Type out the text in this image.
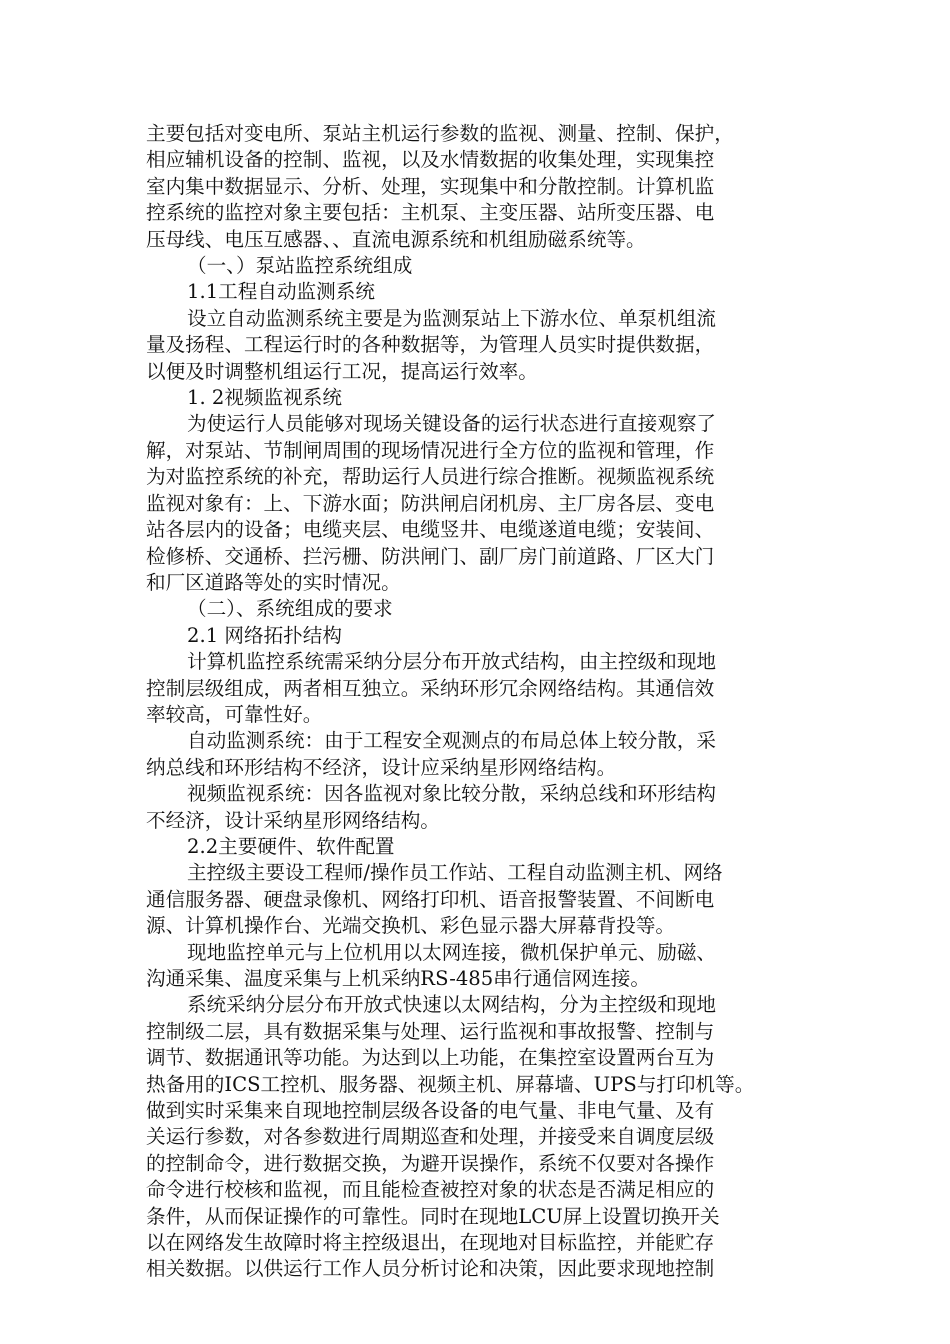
主要包括对变电所、泵站主机运行参数的监视、测量、控制、保护，
相应辅机设备的控制、监视，以及水情数据的收集处理，实现集控
室内集中数据显示、分析、处理，实现集中和分散控制。计算机监
控系统的监控对象主要包括：主机泵、主变压器、站所变压器、电
压母线、电压互感器、、直流电源系统和机组励磁系统等。

（一、）泵站监控系统组成

1.1工程自动监测系统

设立自动监测系统主要是为监测泵站上下游水位、单泵机组流
量及扬程、工程运行时的各种数据等，为管理人员实时提供数据，
以便及时调整机组运行工况，提高运行效率。

1. 2视频监视系统

为使运行人员能够对现场关键设备的运行状态进行直接观察了
解，对泵站、节制闸周围的现场情况进行全方位的监视和管理，作
为对监控系统的补充，帮助运行人员进行综合推断。视频监视系统
监视对象有：上、下游水面；防洪闸启闭机房、主厂房各层、变电
站各层内的设备；电缆夹层、电缆竖井、电缆遂道电缆；安装间、
检修桥、交通桥、拦污栅、防洪闸门、副厂房门前道路、厂区大门
和厂区道路等处的实时情况。

（二）、系统组成的要求

2.1 网络拓扑结构

计算机监控系统需采纳分层分布开放式结构，由主控级和现地
控制层级组成，两者相互独立。采纳环形冗余网络结构。其通信效
率较高，可靠性好。

自动监测系统：由于工程安全观测点的布局总体上较分散，采
纳总线和环形结构不经济，设计应采纳星形网络结构。

视频监视系统：因各监视对象比较分散，采纳总线和环形结构
不经济，设计采纳星形网络结构。

2.2主要硬件、软件配置

主控级主要设工程师/操作员工作站、工程自动监测主机、网络
通信服务器、硬盘录像机、网络打印机、语音报警装置、不间断电
源、计算机操作台、光端交换机、彩色显示器大屏幕背投等。

现地监控单元与上位机用以太网连接，微机保护单元、励磁、
沟通采集、温度采集与上机采纳RS-485串行通信网连接。

系统采纳分层分布开放式快速以太网结构，分为主控级和现地
控制级二层，具有数据采集与处理、运行监视和事故报警、控制与
调节、数据通讯等功能。为达到以上功能，在集控室设置两台互为
热备用的ICS工控机、服务器、视频主机、屏幕墙、UPS与打印机等。
做到实时采集来自现地控制层级各设备的电气量、非电气量、及有
关运行参数，对各参数进行周期巡查和处理，并接受来自调度层级
的控制命令，进行数据交换，为避开误操作，系统不仅要对各操作
命令进行校核和监视，而且能检查被控对象的状态是否满足相应的
条件，从而保证操作的可靠性。同时在现地LCU屏上设置切换开关
以在网络发生故障时将主控级退出，在现地对目标监控，并能贮存
相关数据。以供运行工作人员分析讨论和决策，因此要求现地控制
